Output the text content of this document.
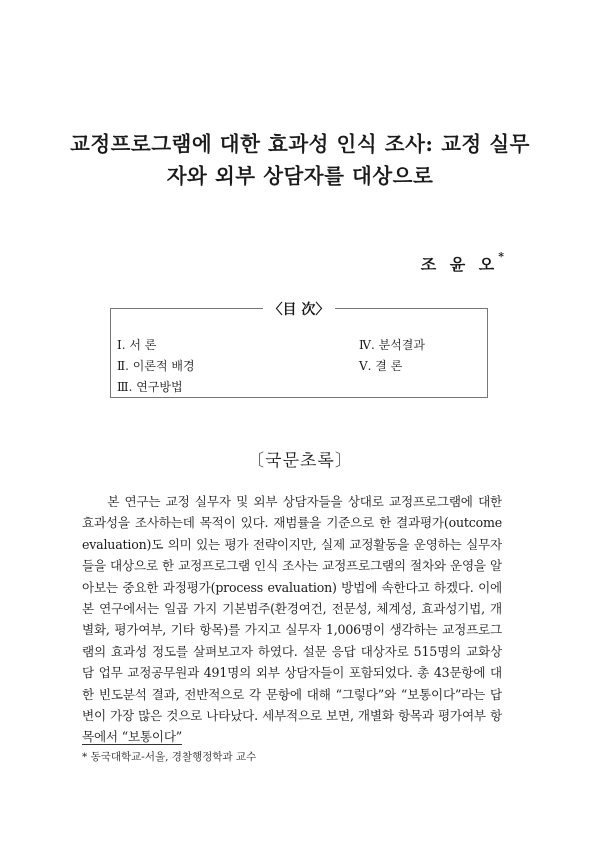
교정프로그램에 대한 효과성 인식 조사: 교정 실무자와 외부 상담자를 대상으로
조 윤 오*
〈目 次〉
Ⅰ. 서 론
Ⅱ. 이론적 배경
Ⅲ. 연구방법
Ⅳ. 분석결과
Ⅴ. 결 론
〔국문초록〕

본 연구는 교정 실무자 및 외부 상담자들을 상대로 교정프로그램에 대한 효과성을 조사하는데 목적이 있다. 재범률을 기준으로 한 결과평가(outcome evaluation)도 의미 있는 평가 전략이지만, 실제 교정활동을 운영하는 실무자들을 대상으로 한 교정프로그램 인식 조사는 교정프로그램의 절차와 운영을 알아보는 중요한 과정평가(process evaluation) 방법에 속한다고 하겠다. 이에 본 연구에서는 일곱 가지 기본범주(환경여건, 전문성, 체계성, 효과성기법, 개별화, 평가여부, 기타 항목)를 가지고 실무자 1,006명이 생각하는 교정프로그램의 효과성 정도를 살펴보고자 하였다. 설문 응답 대상자로 515명의 교화상담 업무 교정공무원과 491명의 외부 상담자들이 포함되었다. 총 43문항에 대한 빈도분석 결과, 전반적으로 각 문항에 대해 “그렇다”와 “보통이다”라는 답변이 가장 많은 것으로 나타났다. 세부적으로 보면, 개별화 항목과 평가여부 항목에서 “보통이다”

* 동국대학교-서울, 경찰행정학과 교수
